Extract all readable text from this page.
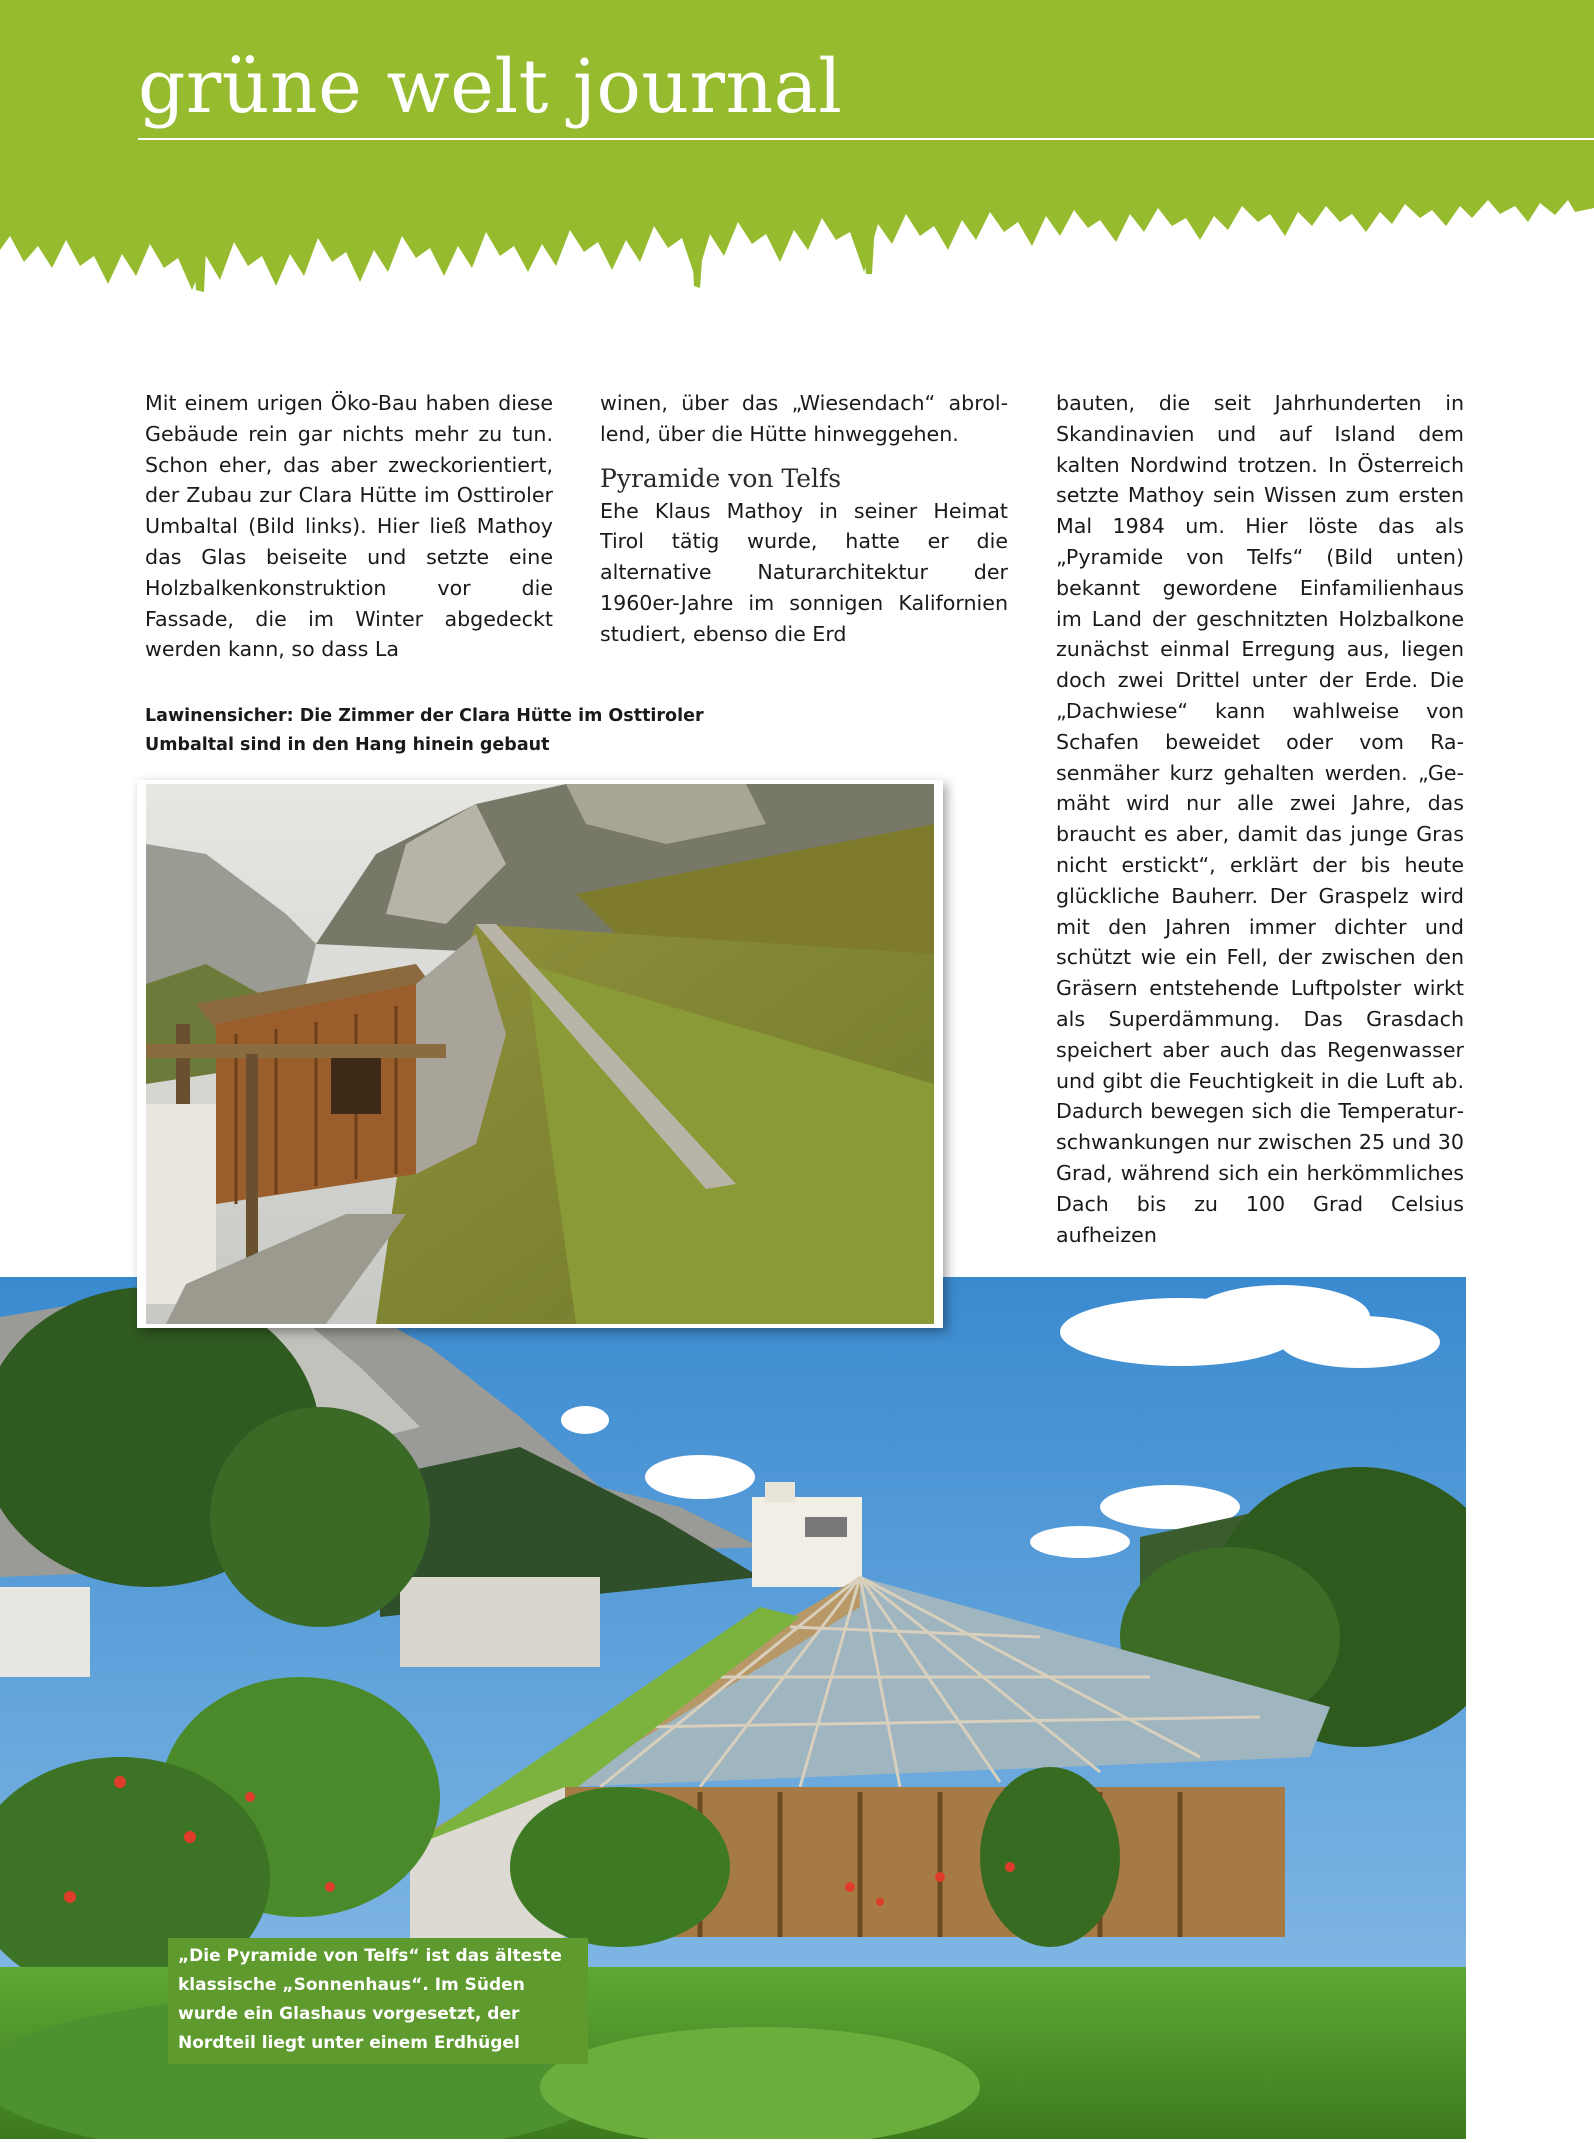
grüne welt journal

Mit einem urigen Öko-Bau haben diese Gebäude rein gar nichts mehr zu tun. Schon eher, das aber zweckorientiert, der Zubau zur Clara Hütte im Osttiroler Umbaltal (Bild links). Hier ließ Mathoy das Glas beiseite und setzte eine Holzbalkenkonstruktion vor die Fassade, die im Winter abgedeckt werden kann, so dass La

winen, über das „Wiesendach“ abrollend, über die Hütte hinweggehen.

Pyramide von Telfs

Ehe Klaus Mathoy in seiner Heimat Tirol tätig wurde, hatte er die alternative Naturarchitektur der 1960er-Jahre im sonnigen Kalifornien studiert, ebenso die Erd

bauten, die seit Jahrhunderten in Skandinavien und auf Island dem kalten Nordwind trotzen. In Österreich setzte Mathoy sein Wissen zum ersten Mal 1984 um. Hier löste das als „Pyramide von Telfs“ (Bild unten) bekannt gewordene Einfamilienhaus im Land der geschnitzten Holzbalkone zunächst einmal Erregung aus, liegen doch zwei Drittel unter der Erde. Die „Dachwiese“ kann wahlweise von Schafen beweidet oder vom Rasenmäher kurz gehalten werden. „Gemäht wird nur alle zwei Jahre, das braucht es aber, damit das junge Gras nicht erstickt“, erklärt der bis heute glückliche Bauherr. Der Graspelz wird mit den Jahren immer dichter und schützt wie ein Fell, der zwischen den Gräsern entstehende Luftpolster wirkt als Superdämmung. Das Grasdach speichert aber auch das Regenwasser und gibt die Feuchtigkeit in die Luft ab. Dadurch bewegen sich die Temperaturschwankungen nur zwischen 25 und 30 Grad, während sich ein herkömmliches Dach bis zu 100 Grad Celsius aufheizen

Lawinensicher: Die Zimmer der Clara Hütte im Osttiroler Umbaltal sind in den Hang hinein gebaut
„Die Pyramide von Telfs“ ist das älteste klassische „Sonnenhaus“. Im Süden wurde ein Glashaus vorgesetzt, der Nordteil liegt unter einem Erdhügel
